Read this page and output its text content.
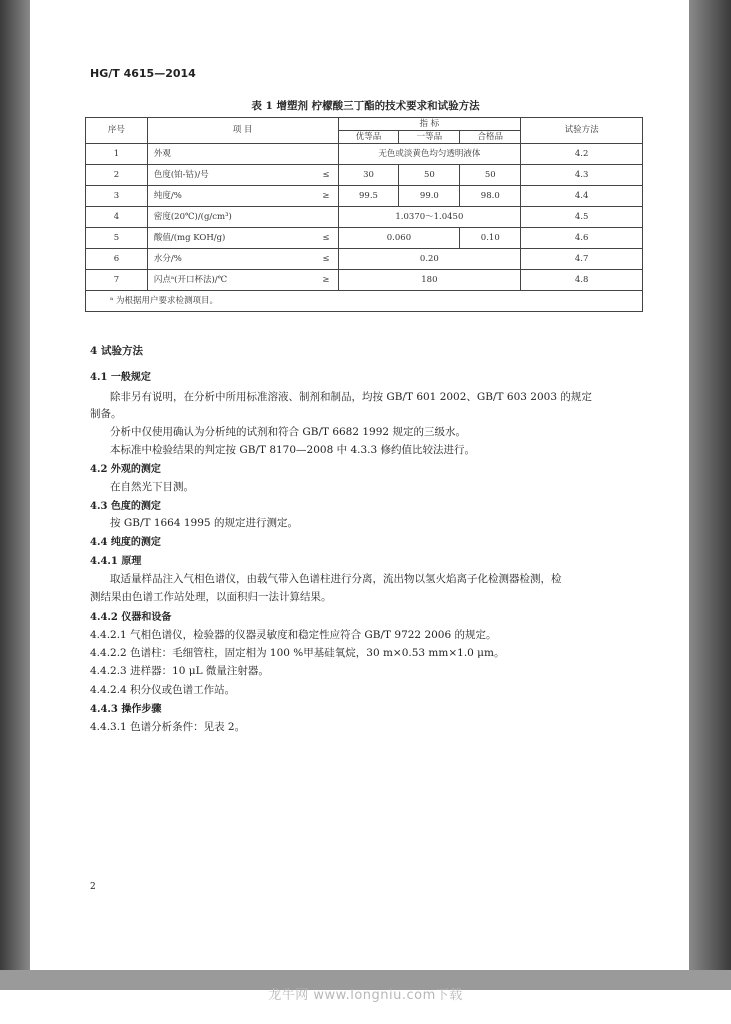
龙牛网 www.longniu.com下载
HG/T 4615—2014
表 1 增塑剂 柠檬酸三丁酯的技术要求和试验方法
序号	项 目	指 标			试验方法
		优等品	一等品	合格品	
1	外观	无色或淡黄色均匀透明液体			4.2
2	色度(铂-钴)/号 ≤	30	50	50	4.3
3	纯度/% ≥	99.5	99.0	98.0	4.4
4	密度(20℃)/(g/cm³)	1.0370～1.0450			4.5
5	酸值/(mg KOH/g) ≤	0.060		0.10	4.6
6	水分/% ≤	0.20			4.7
7	闪点ᵃ(开口杯法)/℃ ≥	180			4.8
ᵃ 为根据用户要求检测项目。					
4 试验方法
4.1 一般规定
除非另有说明，在分析中所用标准溶液、制剂和制品，均按 GB/T 601 2002、GB/T 603 2003 的规定
制备。
分析中仅使用确认为分析纯的试剂和符合 GB/T 6682 1992 规定的三级水。
本标准中检验结果的判定按 GB/T 8170—2008 中 4.3.3 修约值比较法进行。
4.2 外观的测定
在自然光下目测。
4.3 色度的测定
按 GB/T 1664 1995 的规定进行测定。
4.4 纯度的测定
4.4.1 原理
取适量样品注入气相色谱仪，由载气带入色谱柱进行分离，流出物以氢火焰离子化检测器检测，检
测结果由色谱工作站处理，以面积归一法计算结果。
4.4.2 仪器和设备
4.4.2.1 气相色谱仪，检验器的仪器灵敏度和稳定性应符合 GB/T 9722 2006 的规定。
4.4.2.2 色谱柱：毛细管柱，固定相为 100 %甲基硅氧烷，30 m×0.53 mm×1.0 μm。
4.4.2.3 进样器：10 μL 微量注射器。
4.4.2.4 积分仪或色谱工作站。
4.4.3 操作步骤
4.4.3.1 色谱分析条件：见表 2。
2
